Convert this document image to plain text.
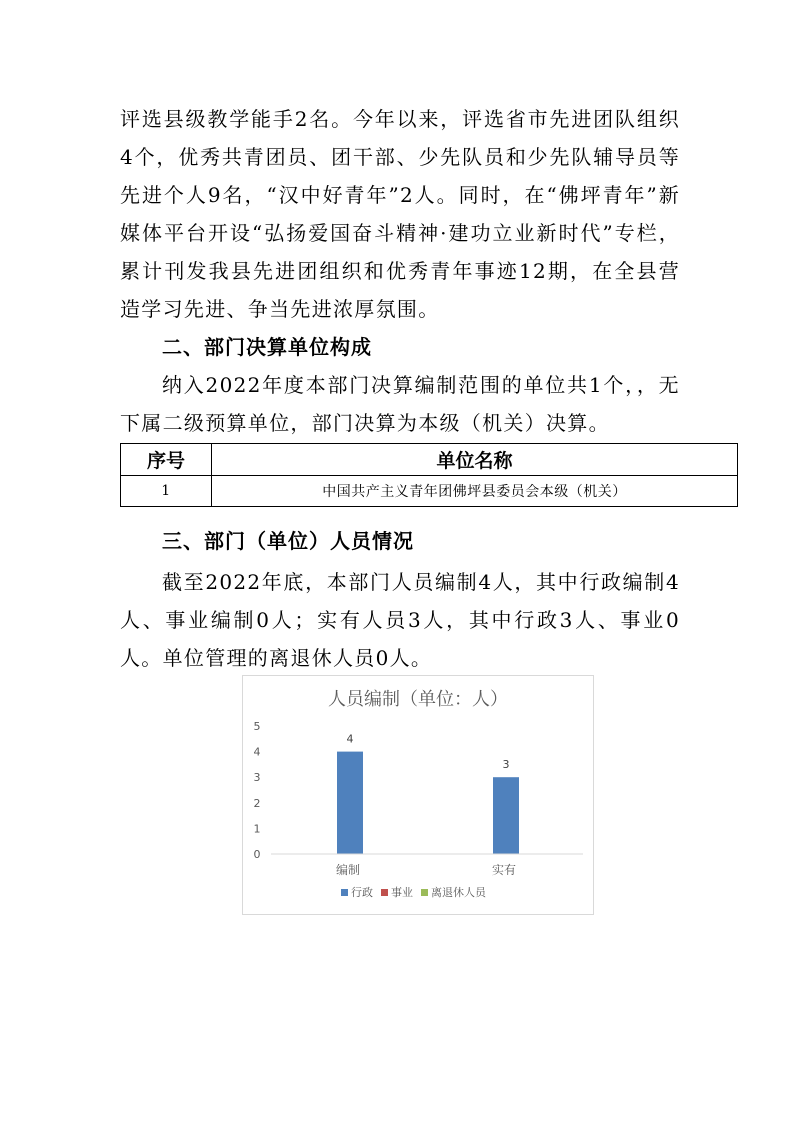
评选县级教学能手2名。今年以来，评选省市先进团队组织4个，优秀共青团员、团干部、少先队员和少先队辅导员等先进个人9名，“汉中好青年”2人。同时，在“佛坪青年”新媒体平台开设“弘扬爱国奋斗精神·建功立业新时代”专栏，累计刊发我县先进团组织和优秀青年事迹12期，在全县营造学习先进、争当先进浓厚氛围。

二、部门决算单位构成

纳入2022年度本部门决算编制范围的单位共1个，，无下属二级预算单位，部门决算为本级（机关）决算。

序号	单位名称
1	中国共产主义青年团佛坪县委员会本级（机关）
三、部门（单位）人员情况

截至2022年底，本部门人员编制4人，其中行政编制4人、事业编制0人；实有人员3人，其中行政3人、事业0人。单位管理的离退休人员0人。

人员编制（单位：人）
0
1
2
3
4
5
4
3
编制	实有
行政 事业 离退休人员
